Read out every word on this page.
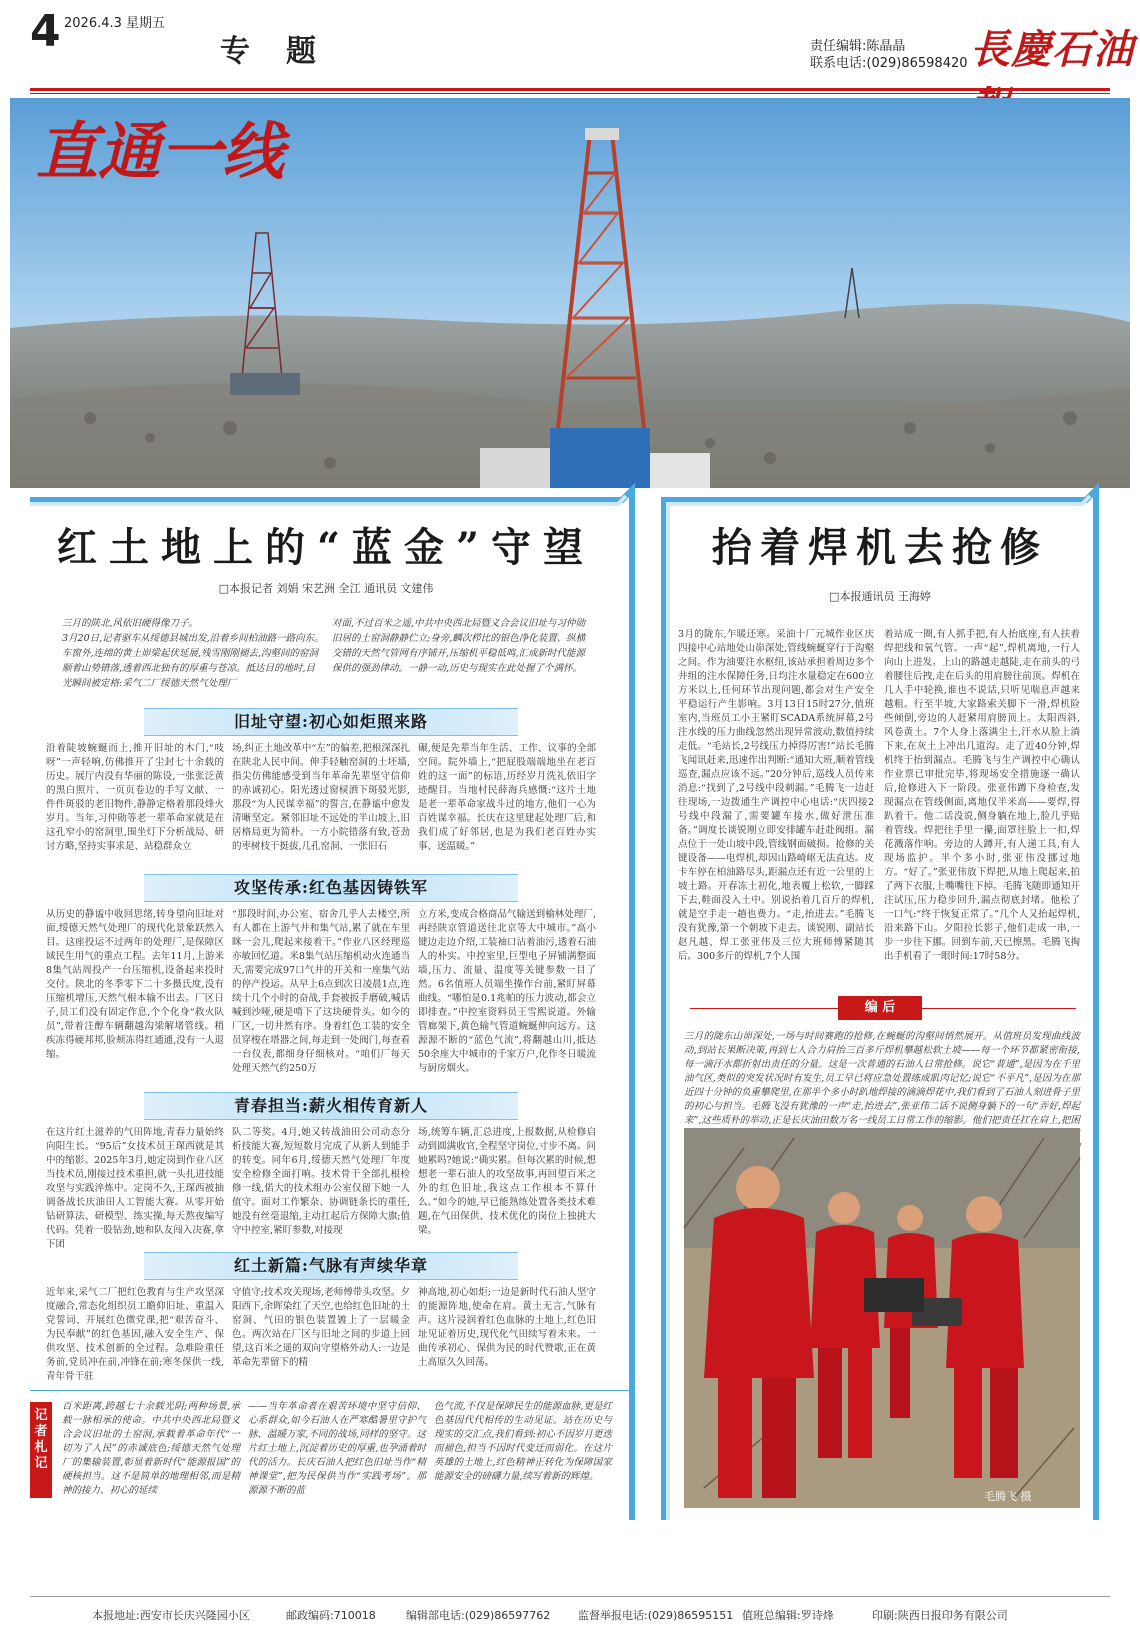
4 2026.4.3 星期五
专题	责任编辑:陈晶晶
联系电话:(029)86598420 長慶石油
直通一线
红土地上的“蓝金”守望
□本报记者 刘娟 宋艺洲 全江 通讯员 文建伟
三月的陕北,风依旧硬得像刀子。
3月20日,记者驱车从绥德县城出发,沿着乡间柏油路一路向东。车窗外,连绵的黄土峁梁起伏延展,残雪刚刚褪去,沟壑间的窑洞顺着山势错落,透着西北独有的厚重与苍凉。抵达目的地时,目光瞬间被定格:采气二厂绥德天然气处理厂
对面,不过百米之遥,中共中央西北局暨义合会议旧址与习仲勋旧居的土窑洞静静伫立;身旁,麟次栉比的银色净化装置、纵横交错的天然气管网有序铺开,压缩机平稳低鸣,汇成新时代能源保供的强劲律动。一静一动,历史与现实在此处握了个满怀。
旧址守望:初心如炬照来路
沿着陡坡蜿蜒而上,推开旧址的木门,“吱呀”一声轻响,仿佛推开了尘封七十余载的历史。展厅内没有华丽的陈设,一张张泛黄的黑白照片、一页页卷边的手写文献、一件件斑驳的老旧物件,静静定格着那段烽火岁月。当年,习仲勋等老一辈革命家就是在这孔窄小的窑洞里,围坐灯下分析战局、研讨方略,坚持实事求是、站稳群众立
场,纠正土地改革中“左”的偏差,把根深深扎在陕北人民中间。伸手轻触窑洞的土坯墙,指尖仿佛能感受到当年革命先辈坚守信仰的赤诚初心。阳光透过窗棂洒下斑驳光影,那段“为人民谋幸福”的誓言,在静谧中愈发清晰坚定。紧邻旧址不远处的半山坡上,旧居格局更为简朴。一方小院错落有致,苍劲的枣树枝干挺拔,几孔窑洞、一张旧石
碾,便是先辈当年生活、工作、议事的全部空间。院外墙上,“把屁股端端地坐在老百姓的这一面”的标语,历经岁月洗礼依旧字迹醒目。当地村民薛海兵感慨:“这片土地是老一辈革命家战斗过的地方,他们一心为百姓谋幸福。长庆在这里建起处理厂后,和我们成了好邻居,也是为我们老百姓办实事、送温暖。”
攻坚传承:红色基因铸铁军
从历史的静谧中收回思绪,转身望向旧址对面,绥德天然气处理厂的现代化景象跃然入目。这座投运不过两年的处理厂,是保障区域民生用气的重点工程。去年11月,上游米8集气站周投产一台压缩机,设备起来投时交付。陕北的冬季零下二十多摄氏度,没有压缩机增压,天然气根本输不出去。厂区日子,员工们没有固定作息,个个化身“救火队员”,带着注醇车辆翻越沟梁解堵管线。稍疾冻得硬邦邦,脸颊冻得红通通,没有一人退缩。
“那段时间,办公室、宿舍几乎人去楼空,所有人都在上游气井和集气站,累了就在车里眯一会儿,爬起来接着干。”作业八区经理巡亦敏回忆道。米8集气站压缩机动火连通当天,需要完成97口气井的开关和一座集气站的停产投运。从早上6点到次日凌晨1点,连续十几个小时的奋战,手套被扳手磨破,喊话喊到沙哑,硬是啃下了这块硬骨头。如今的厂区,一切井然有序。身着红色工装的安全员穿梭在塔器之间,每走到一处阀门,每查看一台仪表,都细身仔细核对。“咱们厂每天处理天然气约250万
立方米,变成合格商品气输送到榆林处理厂,再经陕京管道送往北京等大中城市。”高小键边走边介绍,工装袖口沾着油污,透着石油人的朴实。中控室里,巨型电子屏铺满整面墙,压力、流量、温度等关键参数一目了然。6名值班人员端坐操作台前,紧盯屏幕曲线。“哪怕是0.1兆帕的压力波动,都会立即排查。”中控室资料员王雪熙说道。外输管廊架下,黄色输气管道蜿蜒伸向远方。这源源不断的“蓝色气流”,将翻越山川,抵达50余座大中城市的千家万户,化作冬日暖流与厨房烟火。
青春担当:薪火相传育新人
在这片红土滋养的气田阵地,青春力量始终向阳生长。“95后”女技术员王琛西就是其中的缩影。2025年3月,她定岗到作业八区当技术员,刚接过技术重担,就一头扎进技能攻坚与实践淬炼中。定岗不久,王琛西被抽调备战长庆油田人工智能大赛。从零开始钻研算法、研模型、练实操,每天熬夜编写代码。凭着一股钻劲,她和队友闯入决赛,拿下团
队二等奖。4月,她又转战油田公司动态分析技能大赛,短短数月完成了从新人到能手的转变。同年6月,绥德天然气处理厂年度安全检修全面打响。技术骨干全部扎根检修一线,偌大的技术组办公室仅留下她一人值守。面对工作繁杂、协调链条长的重任,她没有丝毫退缩,主动扛起后方保障大旗;值守中控室,紧盯参数,对接现
场,统筹车辆,汇总进度,上报数据,从检修启动到圆满收官,全程坚守岗位,寸步不离。问她累吗?她说:“确实累。但每次累的时候,想想老一辈石油人的攻坚故事,再回望百米之外的红色旧址,我这点工作根本不算什么。”如今的她,早已能熟练处置各类技术难题,在气田保供、技术优化的岗位上独挑大梁。
红土新篇:气脉有声续华章
近年来,采气二厂把红色教育与生产攻坚深度融合,常态化组织员工瞻仰旧址、重温入党誓词、开展红色微党课,把“艰苦奋斗、为民奉献”的红色基因,融入安全生产、保供攻坚、技术创新的全过程。急难险重任务前,党员冲在前,冲锋在前;寒冬保供一线,青年骨干驻
守值守;技术攻关现场,老师傅带头攻坚。夕阳西下,余晖染红了天空,也给红色旧址的土窑洞、气田的银色装置镀上了一层暖金色。两次站在厂区与旧址之间的步道上回望,这百米之遥的双向守望格外动人:一边是革命先辈留下的精
神高地,初心如炬;一边是新时代石油人坚守的能源阵地,使命在肩。黄土无言,气脉有声。这片浸润着红色血脉的土地上,红色旧址见证着历史,现代化气田续写着未来。一曲传承初心、保供为民的时代赞歌,正在黄土高原久久回荡。
百米距离,跨越七十余载光阴;两种场景,承载一脉相承的使命。中共中央西北局暨义合会议旧址的土窑洞,承载着革命年代“一切为了人民”的赤诚底色;绥德天然气处理厂的集输装置,彰显着新时代“能源报国”的硬核担当。这不是简单的地理相邻,而是精神的接力、初心的延续
——当年革命者在艰苦环境中坚守信仰、心系群众,如今石油人在严寒酷暑里守护气脉、温暖万家,不同的战场,同样的坚守。这片红土地上,沉淀着历史的厚重,也孕涌着时代的活力。长庆石油人把红色旧址当作“精神课堂”,把为民保供当作“实践考场”。那源源不断的蓝
色气流,不仅是保障民生的能源血脉,更是红色基因代代相传的生动见证。站在历史与现实的交汇点,我们看到:初心不因岁月更迭而褪色,担当不因时代变迁而弱化。在这片英雄的土地上,红色精神正转化为保障国家能源安全的磅礴力量,续写着新的辉煌。
记者札记
抬着焊机去抢修
□本报通讯员 王海婷
3月的陇东,乍暖还寒。采油十厂元城作业区庆四接中心站地处山峁深处,管线蜿蜒穿行于沟壑之间。作为油要注水枢纽,该站承担着周边多个井组的注水保障任务,日均注水量稳定在600立方米以上,任何环节出现问题,都会对生产安全平稳运行产生影响。3月13日15时27分,值班室内,当班员工小王紧盯SCADA系统屏幕,2号注水线的压力曲线忽然出现异常波动,数值持续走低。“毛站长,2号线压力掉得厉害!”站长毛腾飞闻讯赶来,迅速作出判断:“通知大班,顺着管线巡查,漏点应该不远。”20分钟后,巡线人员传来消息:“找到了,2号线中段刺漏。”毛腾飞一边赶往现场,一边拨通生产调控中心电话:“庆四接2号线中段漏了,需要罐车接水,做好泄压准备。”调度长谈锐刚立即安排罐车赶赴阀组。漏点位于一处山坡中段,管线钢面破损。抢修的关键设备——电焊机,却因山路崎岖无法直达。皮卡车停在柏油路尽头,距漏点还有近一公里的上坡土路。开春冻土初化,地表覆上松软,一脚踩下去,鞋面没入土中。别说抬着几百斤的焊机,就是空手走一趟也费力。“走,抬进去。”毛腾飞没有犹豫,第一个朝坡下走去。谈锐刚、副站长赵凡越、焊工张亚伟及三位大班师傅紧随其后。300多斤的焊机,7个人围
着站成一圈,有人抓手把,有人抬底座,有人扶着焊把线和氧气管。一声“起”,焊机离地,一行人向山上进发。上山的路越走越陡,走在前头的弓着腰往后拽,走在后头的用肩膀往前顶。焊机在几人手中轮换,谁也不说话,只听见喘息声越来越粗。行至半坡,大家路索关脚下一滑,焊机险些倾倒,旁边的人赶紧用肩膀顶上。太阳西斜,风卷黄土。7个人身上落满尘土,汗水从脸上淌下来,在灰土上冲出几道沟。走了近40分钟,焊机终于抬到漏点。毛腾飞与生产调控中心确认作业票已审批完毕,将现场安全措施逐一确认后,抢修进入下一阶段。张亚伟蹲下身检查,发现漏点在管线侧面,离地仅半米高——要焊,得趴着干。他二话没说,侧身躺在地上,脸几乎贴着管线。焊把往手里一攥,面罩往脸上一扣,焊花溅落作响。旁边的人蹲开,有人递工具,有人现场监护。半个多小时,张亚伟没挪过地方。“好了。”张亚伟放下焊把,从地上爬起来,拍了两下衣服,上嘴嘴往下掉。毛腾飞随即通知开注试压,压力稳步回升,漏点彻底封堵。他松了一口气:“终于恢复正常了。”几个人又抬起焊机,沿来路下山。夕阳拉长影子,他们走成一串,一步一步往下挪。回到车前,天已擦黑。毛腾飞掏出手机看了一眼时间:17时58分。
编 后
三月的陇东山峁深处,一场与时间赛跑的抢修,在蜿蜒的沟壑间悄然展开。从值班员发现曲线波动,到站长果断决策,再到七人合力肩抬三百多斤焊机攀越松软土坡——每一个环节都紧密衔接,每一滴汗水都折射出责任的分量。这是一次普通的石油人日常抢修。说它“普通”,是因为在千里油气区,类似的突发状况时有发生,员工早已将应急处置练成肌肉记忆;说它“不平凡”,是因为在那近四十分钟的负重攀爬里,在那半个多小时趴地焊接的滴滴焊花中,我们看到了石油人刻进骨子里的初心与担当。毛腾飞没有犹豫的一声“走,抬进去”,张亚伟二话不说侧身躺下的一句“弄好,焊起来”,这些质朴的举动,正是长庆油田数万名一线员工日常工作的缩影。他们把责任扛在肩上,把困
毛腾飞 摄
本报地址:西安市长庆兴隆园小区	邮政编码:710018	编辑部电话:(029)86597762	监督举报电话:(029)86595151 值班总编辑:罗诗烽	印刷:陕西日报印务有限公司
